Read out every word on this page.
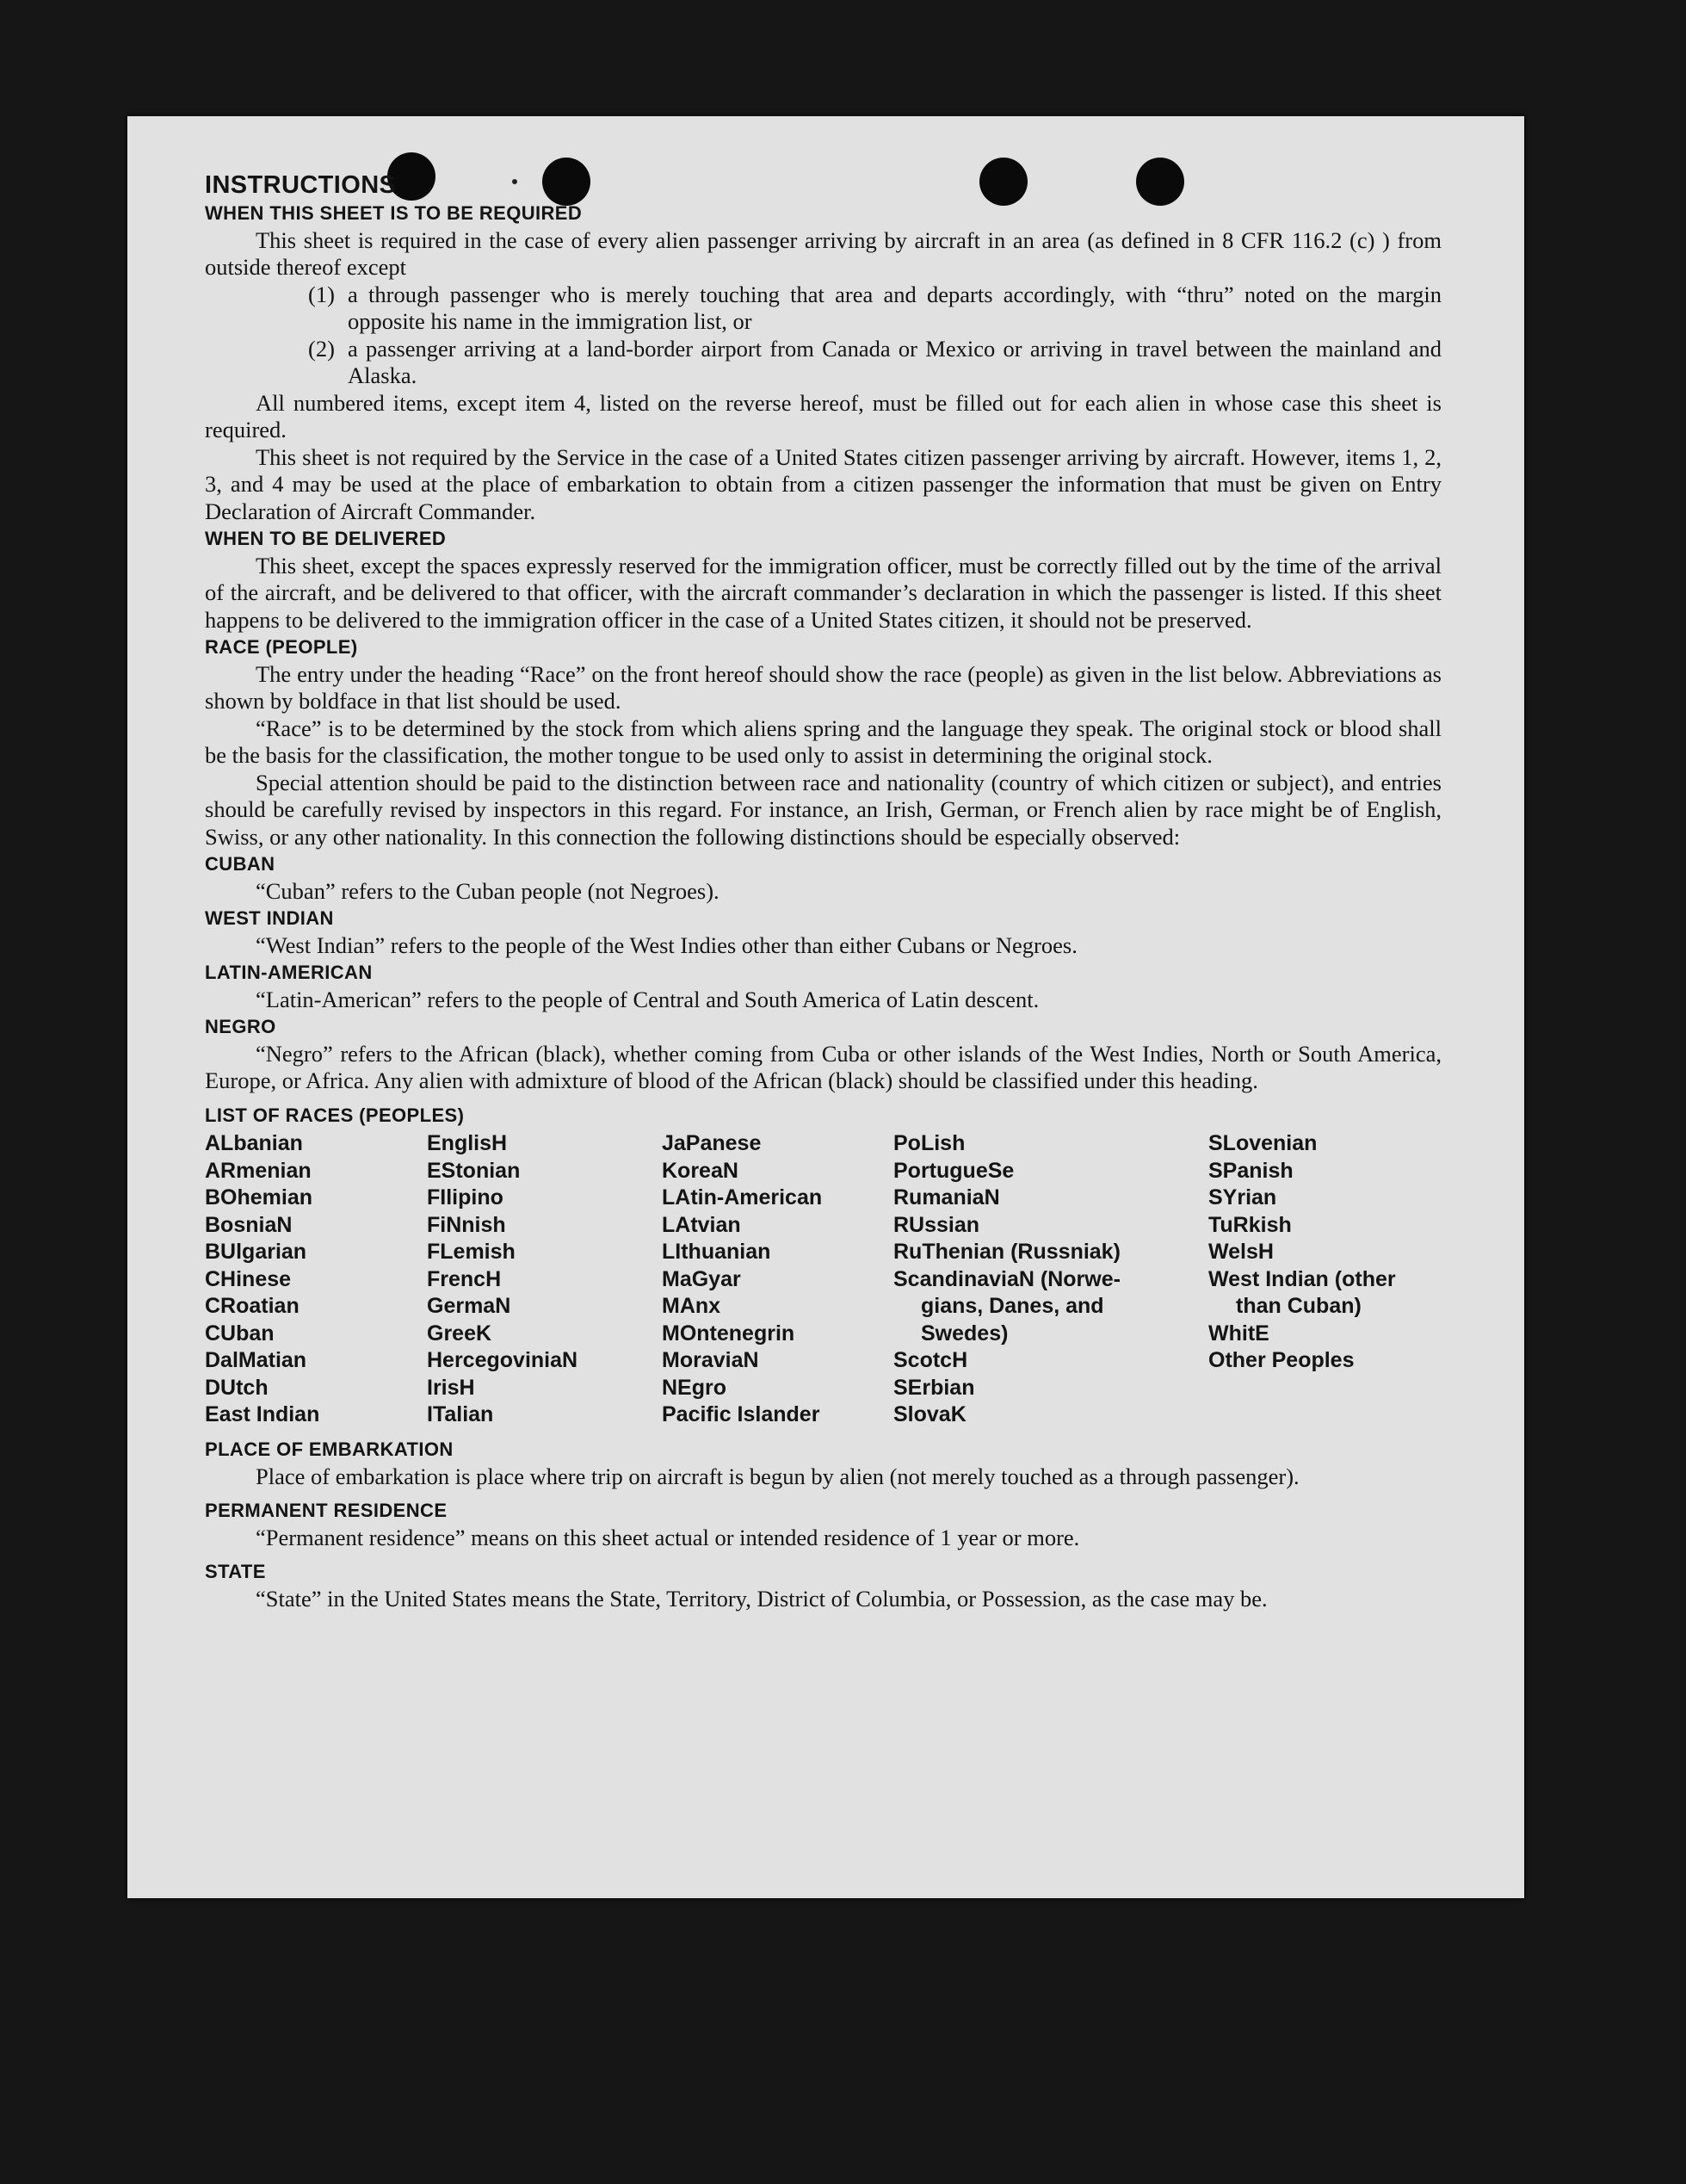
INSTRUCTIONS

WHEN THIS SHEET IS TO BE REQUIRED

This sheet is required in the case of every alien passenger arriving by aircraft in an area (as defined in 8 CFR 116.2 (c) ) from outside thereof except

(1) a through passenger who is merely touching that area and departs accordingly, with “thru” noted on the margin opposite his name in the immigration list, or
(2) a passenger arriving at a land-border airport from Canada or Mexico or arriving in travel between the mainland and Alaska.

All numbered items, except item 4, listed on the reverse hereof, must be filled out for each alien in whose case this sheet is required.

This sheet is not required by the Service in the case of a United States citizen passenger arriving by aircraft. However, items 1, 2, 3, and 4 may be used at the place of embarkation to obtain from a citizen passenger the information that must be given on Entry Declaration of Aircraft Commander.

WHEN TO BE DELIVERED

This sheet, except the spaces expressly reserved for the immigration officer, must be correctly filled out by the time of the arrival of the aircraft, and be delivered to that officer, with the aircraft commander’s declaration in which the passenger is listed. If this sheet happens to be delivered to the immigration officer in the case of a United States citizen, it should not be preserved.

RACE (PEOPLE)

The entry under the heading “Race” on the front hereof should show the race (people) as given in the list below. Abbreviations as shown by boldface in that list should be used.

“Race” is to be determined by the stock from which aliens spring and the language they speak. The original stock or blood shall be the basis for the classification, the mother tongue to be used only to assist in determining the original stock.

Special attention should be paid to the distinction between race and nationality (country of which citizen or subject), and entries should be carefully revised by inspectors in this regard. For instance, an Irish, German, or French alien by race might be of English, Swiss, or any other nationality. In this connection the following distinctions should be especially observed:

CUBAN

“Cuban” refers to the Cuban people (not Negroes).

WEST INDIAN

“West Indian” refers to the people of the West Indies other than either Cubans or Negroes.

LATIN-AMERICAN

“Latin-American” refers to the people of Central and South America of Latin descent.

NEGRO

“Negro” refers to the African (black), whether coming from Cuba or other islands of the West Indies, North or South America, Europe, or Africa. Any alien with admixture of blood of the African (black) should be classified under this heading.

LIST OF RACES (PEOPLES)

ALbanian
ARmenian
BOhemian
BosniaN
BUlgarian
CHinese
CRoatian
CUban
DalMatian
DUtch
East Indian
EnglisH
EStonian
FIlipino
FiNnish
FLemish
FrencH
GermaN
GreeK
HercegoviniaN
IrisH
ITalian
JaPanese
KoreaN
LAtin-American
LAtvian
LIthuanian
MaGyar
MAnx
MOntenegrin
MoraviaN
NEgro
Pacific Islander
PoLish
PortugueSe
RumaniaN
RUssian
RuThenian (Russniak)
ScandinaviaN (Norwe-
gians, Danes, and
Swedes)
ScotcH
SErbian
SlovaK
SLovenian
SPanish
SYrian
TuRkish
WelsH
West Indian (other
than Cuban)
WhitE
Other Peoples

PLACE OF EMBARKATION

Place of embarkation is place where trip on aircraft is begun by alien (not merely touched as a through passenger).

PERMANENT RESIDENCE

“Permanent residence” means on this sheet actual or intended residence of 1 year or more.

STATE

“State” in the United States means the State, Territory, District of Columbia, or Possession, as the case may be.
